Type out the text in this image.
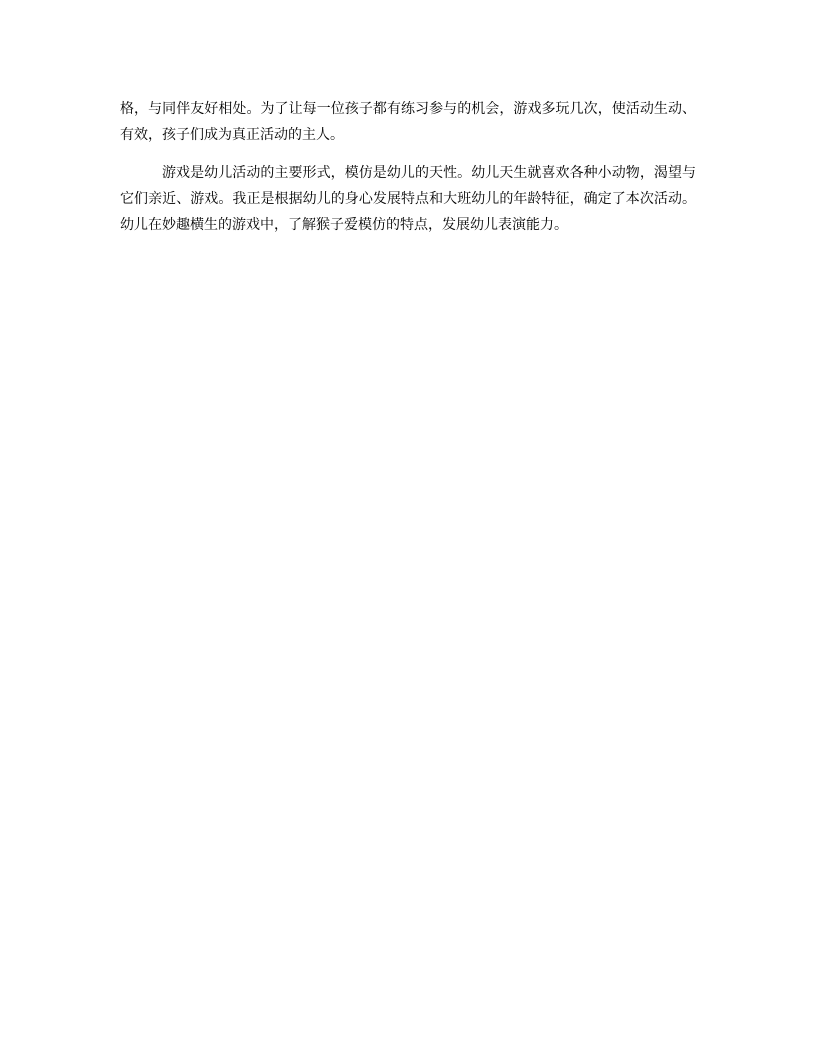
格，与同伴友好相处。为了让每一位孩子都有练习参与的机会，游戏多玩几次，使活动生动、有效，孩子们成为真正活动的主人。

游戏是幼儿活动的主要形式，模仿是幼儿的天性。幼儿天生就喜欢各种小动物，渴望与它们亲近、游戏。我正是根据幼儿的身心发展特点和大班幼儿的年龄特征，确定了本次活动。幼儿在妙趣横生的游戏中，了解猴子爱模仿的特点，发展幼儿表演能力。
